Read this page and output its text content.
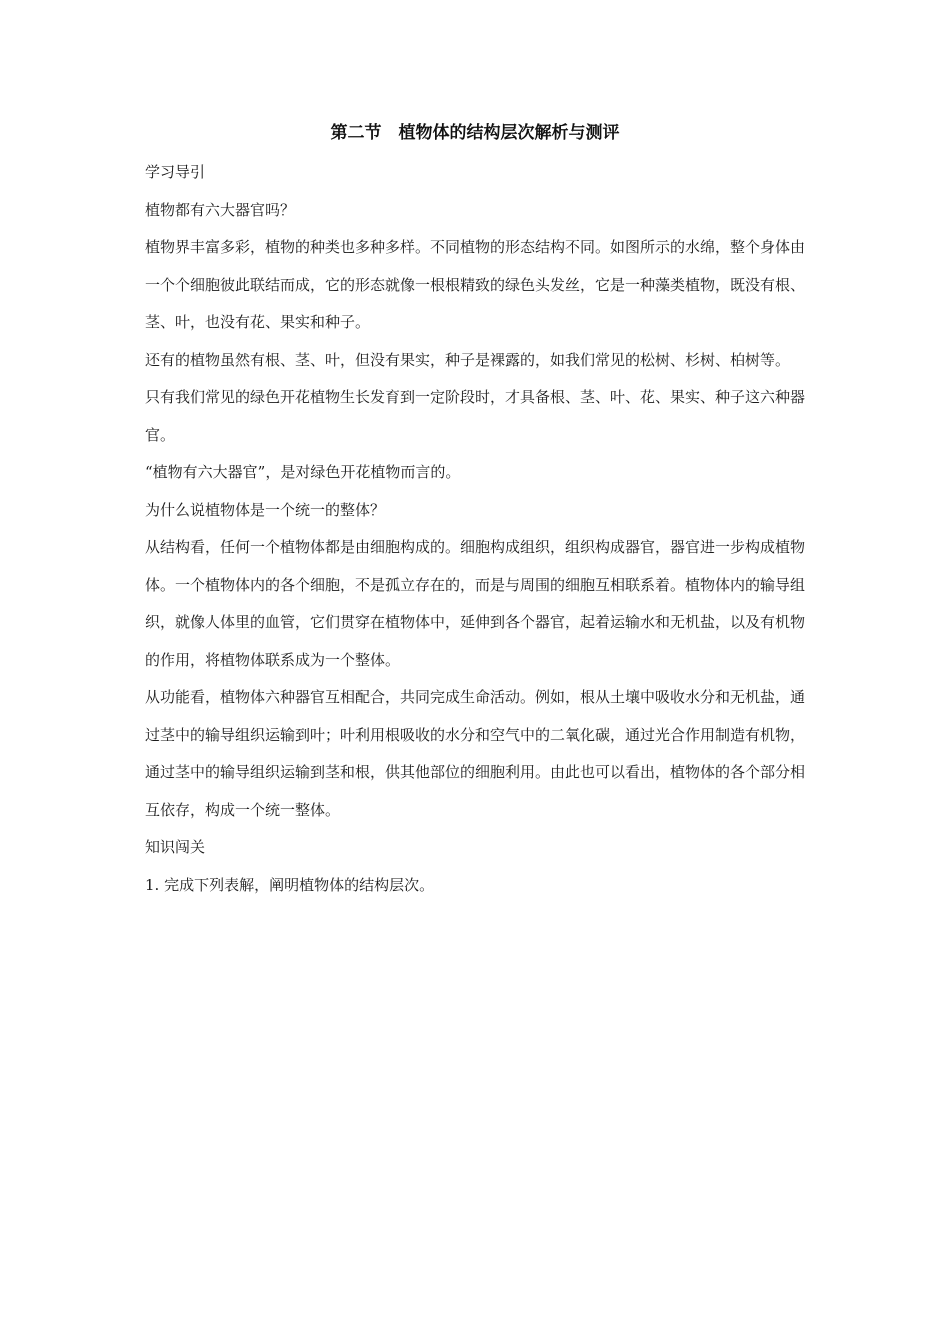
第二节　植物体的结构层次解析与测评

学习导引

植物都有六大器官吗？

植物界丰富多彩，植物的种类也多种多样。不同植物的形态结构不同。如图所示的水绵，整个身体由一个个细胞彼此联结而成，它的形态就像一根根精致的绿色头发丝，它是一种藻类植物，既没有根、茎、叶，也没有花、果实和种子。

还有的植物虽然有根、茎、叶，但没有果实，种子是裸露的，如我们常见的松树、杉树、柏树等。

只有我们常见的绿色开花植物生长发育到一定阶段时，才具备根、茎、叶、花、果实、种子这六种器官。

“植物有六大器官”，是对绿色开花植物而言的。

为什么说植物体是一个统一的整体？

从结构看，任何一个植物体都是由细胞构成的。细胞构成组织，组织构成器官，器官进一步构成植物体。一个植物体内的各个细胞，不是孤立存在的，而是与周围的细胞互相联系着。植物体内的输导组织，就像人体里的血管，它们贯穿在植物体中，延伸到各个器官，起着运输水和无机盐，以及有机物的作用，将植物体联系成为一个整体。

从功能看，植物体六种器官互相配合，共同完成生命活动。例如，根从土壤中吸收水分和无机盐，通过茎中的输导组织运输到叶；叶利用根吸收的水分和空气中的二氧化碳，通过光合作用制造有机物，通过茎中的输导组织运输到茎和根，供其他部位的细胞利用。由此也可以看出，植物体的各个部分相互依存，构成一个统一整体。

知识闯关

1. 完成下列表解，阐明植物体的结构层次。
